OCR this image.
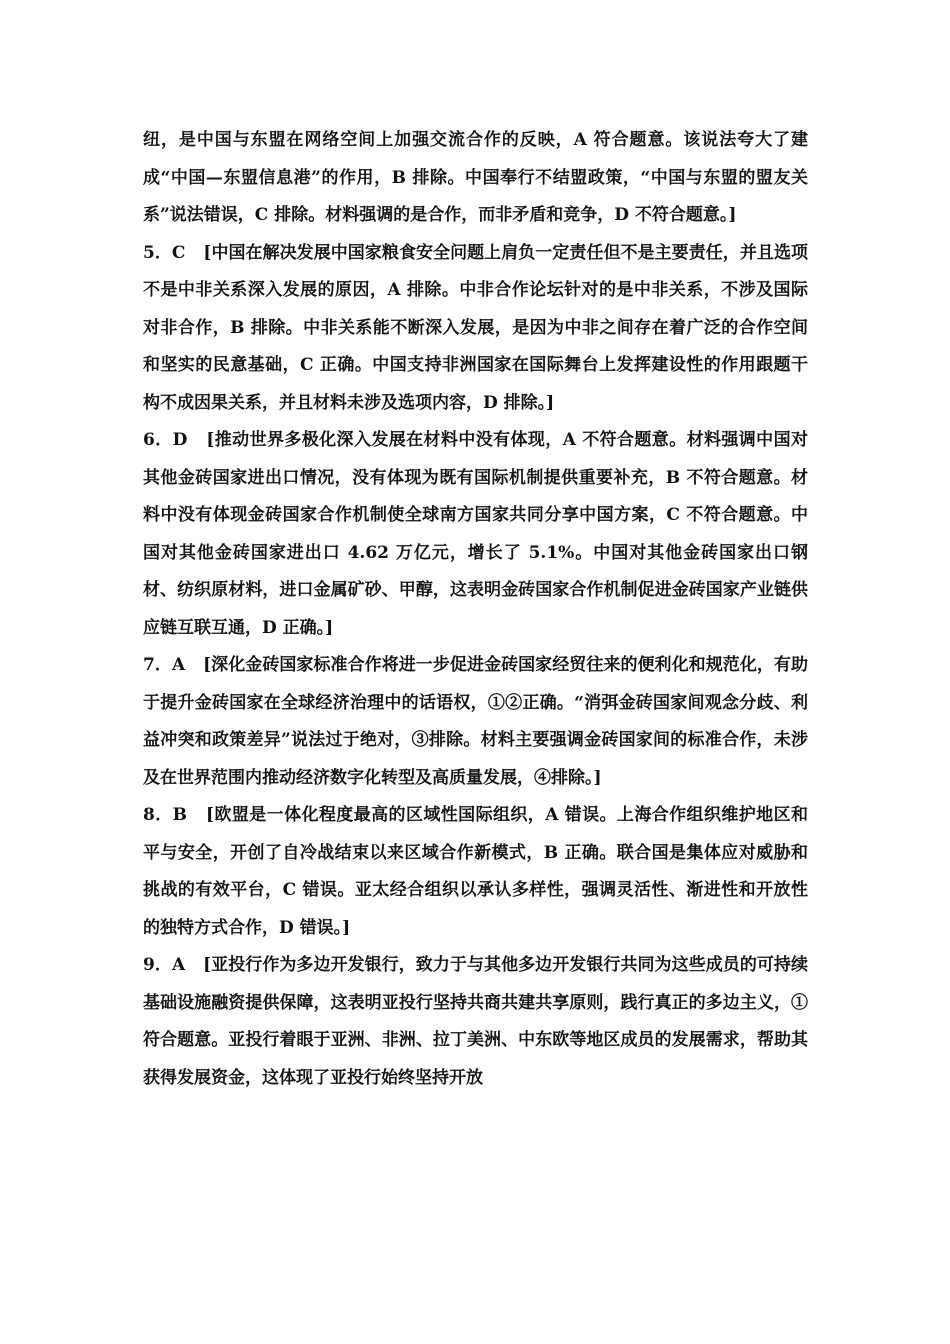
纽，是中国与东盟在网络空间上加强交流合作的反映，A 符合题意。该说法夸大了建成“中国—东盟信息港”的作用，B 排除。中国奉行不结盟政策，“中国与东盟的盟友关系”说法错误，C 排除。材料强调的是合作，而非矛盾和竞争，D 不符合题意。]

5．C [中国在解决发展中国家粮食安全问题上肩负一定责任但不是主要责任，并且选项不是中非关系深入发展的原因，A 排除。中非合作论坛针对的是中非关系，不涉及国际对非合作，B 排除。中非关系能不断深入发展，是因为中非之间存在着广泛的合作空间和坚实的民意基础，C 正确。中国支持非洲国家在国际舞台上发挥建设性的作用跟题干构不成因果关系，并且材料未涉及选项内容，D 排除。]

6．D [推动世界多极化深入发展在材料中没有体现，A 不符合题意。材料强调中国对其他金砖国家进出口情况，没有体现为既有国际机制提供重要补充，B 不符合题意。材料中没有体现金砖国家合作机制使全球南方国家共同分享中国方案，C 不符合题意。中国对其他金砖国家进出口 4.62 万亿元，增长了 5.1%。中国对其他金砖国家出口钢材、纺织原材料，进口金属矿砂、甲醇，这表明金砖国家合作机制促进金砖国家产业链供应链互联互通，D 正确。]

7．A [深化金砖国家标准合作将进一步促进金砖国家经贸往来的便利化和规范化，有助于提升金砖国家在全球经济治理中的话语权，①②正确。“消弭金砖国家间观念分歧、利益冲突和政策差异”说法过于绝对，③排除。材料主要强调金砖国家间的标准合作，未涉及在世界范围内推动经济数字化转型及高质量发展，④排除。]

8．B [欧盟是一体化程度最高的区域性国际组织，A 错误。上海合作组织维护地区和平与安全，开创了自冷战结束以来区域合作新模式，B 正确。联合国是集体应对威胁和挑战的有效平台，C 错误。亚太经合组织以承认多样性，强调灵活性、渐进性和开放性的独特方式合作，D 错误。]

9．A [亚投行作为多边开发银行，致力于与其他多边开发银行共同为这些成员的可持续基础设施融资提供保障，这表明亚投行坚持共商共建共享原则，践行真正的多边主义，①符合题意。亚投行着眼于亚洲、非洲、拉丁美洲、中东欧等地区成员的发展需求，帮助其获得发展资金，这体现了亚投行始终坚持开放
